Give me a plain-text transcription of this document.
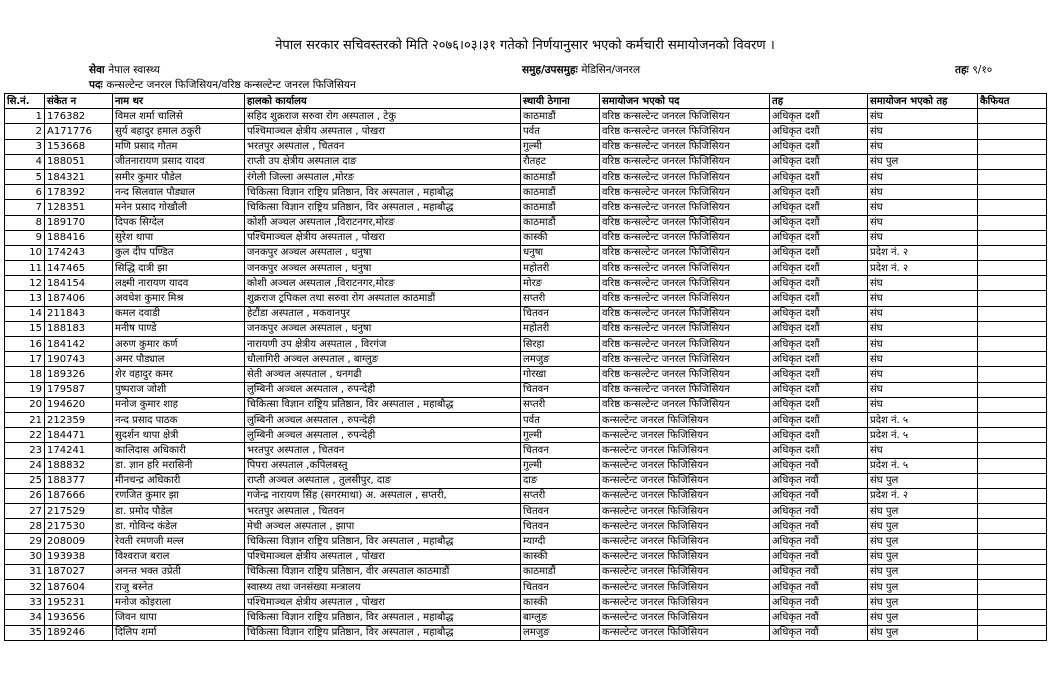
नेपाल सरकार सचिवस्तरको मिति २०७६।०३।३१ गतेको निर्णयानुसार भएको कर्मचारी समायोजनको विवरण ।
सेवा नेपाल स्वास्थ्य	समुह/उपसमुहः मेडिसिन/जनरल	तहः ९/१०
पदः कन्सल्टेन्ट जनरल फिजिसियन/वरिष्ठ कन्सल्टेन्ट जनरल फिजिसियन
सि.नं.	संकेत न	नाम थर	हालको कार्यालय	स्थायी ठेगाना	समायोजन भएको पद	तह	समायोजन भएको तह	कैफियत
1	176382	विमल शर्मा चालिसे	सहिद शुक्रराज सरुवा रोग अस्पताल , टेकु	काठमाडौं	वरिष्ठ कन्सल्टेन्ट जनरल फिजिसियन	अधिकृत दशौं	संघ	
2	A171776	सुर्य बहादुर हमाल ठकुरी	पश्चिमाञ्चल क्षेत्रीय अस्पताल , पोखरा	पर्वत	वरिष्ठ कन्सल्टेन्ट जनरल फिजिसियन	अधिकृत दशौं	संघ	
3	153668	मणि प्रसाद गौतम	भरतपुर अस्पताल , चितवन	गुल्मी	वरिष्ठ कन्सल्टेन्ट जनरल फिजिसियन	अधिकृत दशौं	संघ	
4	188051	जीतनारायण प्रसाद यादव	राप्ती उप क्षेत्रीय अस्पताल दाङ	रौतहट	वरिष्ठ कन्सल्टेन्ट जनरल फिजिसियन	अधिकृत दशौं	संघ पुल	
5	184321	समीर कुमार पौडेल	रंगेली जिल्ला अस्पताल ,मोरङ	काठमाडौं	वरिष्ठ कन्सल्टेन्ट जनरल फिजिसियन	अधिकृत दशौं	संघ	
6	178392	नन्द सिलवाल पौड्याल	चिकित्सा विज्ञान राष्ट्रिय प्रतिष्ठान, विर अस्पताल , महाबौद्ध	काठमाडौं	वरिष्ठ कन्सल्टेन्ट जनरल फिजिसियन	अधिकृत दशौं	संघ	
7	128351	मनेन प्रसाद गोखौली	चिकित्सा विज्ञान राष्ट्रिय प्रतिष्ठान, विर अस्पताल , महाबौद्ध	काठमाडौं	वरिष्ठ कन्सल्टेन्ट जनरल फिजिसियन	अधिकृत दशौं	संघ	
8	189170	दिपक सिग्देल	कोशी अञ्चल अस्पताल ,विराटनगर,मोरङ	काठमाडौं	वरिष्ठ कन्सल्टेन्ट जनरल फिजिसियन	अधिकृत दशौं	संघ	
9	188416	सुरेश थापा	पश्चिमाञ्चल क्षेत्रीय अस्पताल , पोखरा	कास्की	वरिष्ठ कन्सल्टेन्ट जनरल फिजिसियन	अधिकृत दशौं	संघ	
10	174243	कुल दीप पण्डित	जनकपुर अञ्चल अस्पताल , धनुषा	धनुषा	वरिष्ठ कन्सल्टेन्ट जनरल फिजिसियन	अधिकृत दशौं	प्रदेश नं. २	
11	147465	सिद्धि दात्री झा	जनकपुर अञ्चल अस्पताल , धनुषा	महोतरी	वरिष्ठ कन्सल्टेन्ट जनरल फिजिसियन	अधिकृत दशौं	प्रदेश नं. २	
12	184154	लक्ष्मी नारायण यादव	कोशी अञ्चल अस्पताल ,विराटनगर,मोरङ	मोरङ	वरिष्ठ कन्सल्टेन्ट जनरल फिजिसियन	अधिकृत दशौं	संघ	
13	187406	अवधेश कुमार मिश्र	शुक्रराज ट्रपिकल तथा सरुवा रोग अस्पताल काठमाडौं	सप्तरी	वरिष्ठ कन्सल्टेन्ट जनरल फिजिसियन	अधिकृत दशौं	संघ	
14	211843	कमल दवाडी	हेटौंडा अस्पताल , मकवानपुर	चितवन	वरिष्ठ कन्सल्टेन्ट जनरल फिजिसियन	अधिकृत दशौं	संघ	
15	188183	मनीष पाण्डे	जनकपुर अञ्चल अस्पताल , धनुषा	महोतरी	वरिष्ठ कन्सल्टेन्ट जनरल फिजिसियन	अधिकृत दशौं	संघ	
16	184142	अरुण कुमार कर्ण	नारायणी उप क्षेत्रीय अस्पताल , विरगंज	सिरहा	वरिष्ठ कन्सल्टेन्ट जनरल फिजिसियन	अधिकृत दशौं	संघ	
17	190743	अमर पौड्याल	धौलागिरी अञ्चल अस्पताल , बाग्लुङ	लमजुङ	वरिष्ठ कन्सल्टेन्ट जनरल फिजिसियन	अधिकृत दशौं	संघ	
18	189326	शेर वहादुर कमर	सेती अञ्चल अस्पताल , धनगढी	गोरखा	वरिष्ठ कन्सल्टेन्ट जनरल फिजिसियन	अधिकृत दशौं	संघ	
19	179587	पुष्पराज जोशी	लुम्बिनी अञ्चल अस्पताल , रुपन्देही	चितवन	वरिष्ठ कन्सल्टेन्ट जनरल फिजिसियन	अधिकृत दशौं	संघ	
20	194620	मनोज कुमार शाह	चिकित्सा विज्ञान राष्ट्रिय प्रतिष्ठान, विर अस्पताल , महाबौद्ध	सप्तरी	वरिष्ठ कन्सल्टेन्ट जनरल फिजिसियन	अधिकृत दशौं	संघ	
21	212359	नन्द प्रसाद पाठक	लुम्बिनी अञ्चल अस्पताल , रुपन्देही	पर्वत	कन्सल्टेन्ट जनरल फिजिसियन	अधिकृत दशौं	प्रदेश नं. ५	
22	184471	सुदर्शन थापा क्षेत्री	लुम्बिनी अञ्चल अस्पताल , रुपन्देही	गुल्मी	कन्सल्टेन्ट जनरल फिजिसियन	अधिकृत दशौं	प्रदेश नं. ५	
23	174241	कालिदास अधिकारी	भरतपुर अस्पताल , चितवन	चितवन	कन्सल्टेन्ट जनरल फिजिसियन	अधिकृत दशौं	संघ	
24	188832	डा. ज्ञान हरि मरासिनी	पिपरा अस्पताल ,कपिलबस्तु	गुल्मी	कन्सल्टेन्ट जनरल फिजिसियन	अधिकृत नवौं	प्रदेश नं. ५	
25	188377	मीनचन्द्र अधिकारी	राप्ती अञ्चल अस्पताल , तुलसीपुर, दाङ	दाङ	कन्सल्टेन्ट जनरल फिजिसियन	अधिकृत नवौं	संघ पुल	
26	187666	रणजित कुमार झा	गजेन्द्र नारायण सिंह (सगरमाथा) अ. अस्पताल , सप्तरी,	सप्तरी	कन्सल्टेन्ट जनरल फिजिसियन	अधिकृत नवौं	प्रदेश नं. २	
27	217529	डा. प्रमोद पौडेल	भरतपुर अस्पताल , चितवन	चितवन	कन्सल्टेन्ट जनरल फिजिसियन	अधिकृत नवौं	संघ पुल	
28	217530	डा. गोविन्द कंडेल	मेची अञ्चल अस्पताल , झापा	चितवन	कन्सल्टेन्ट जनरल फिजिसियन	अधिकृत नवौं	संघ पुल	
29	208009	रेवती रमणजी मल्ल	चिकित्सा विज्ञान राष्ट्रिय प्रतिष्ठान, विर अस्पताल , महाबौद्ध	म्याग्दी	कन्सल्टेन्ट जनरल फिजिसियन	अधिकृत नवौं	संघ पुल	
30	193938	विश्वराज बराल	पश्चिमाञ्चल क्षेत्रीय अस्पताल , पोखरा	कास्की	कन्सल्टेन्ट जनरल फिजिसियन	अधिकृत नवौं	संघ पुल	
31	187027	अनन्त भक्त उप्रेती	चिकित्सा विज्ञान राष्ट्रिय प्रतिष्ठान, वीर अस्पताल काठमाडौं	काठमाडौं	कन्सल्टेन्ट जनरल फिजिसियन	अधिकृत नवौं	संघ पुल	
32	187604	राजु बस्नेत	स्वास्थ्य तथा जनसंख्या मन्त्रालय	चितवन	कन्सल्टेन्ट जनरल फिजिसियन	अधिकृत नवौं	संघ पुल	
33	195231	मनोज कोइराला	पश्चिमाञ्चल क्षेत्रीय अस्पताल , पोखरा	कास्की	कन्सल्टेन्ट जनरल फिजिसियन	अधिकृत नवौं	संघ पुल	
34	193656	जिवन थापा	चिकित्सा विज्ञान राष्ट्रिय प्रतिष्ठान, विर अस्पताल , महाबौद्ध	बाग्लुङ	कन्सल्टेन्ट जनरल फिजिसियन	अधिकृत नवौं	संघ पुल	
35	189246	दिलिप शर्मा	चिकित्सा विज्ञान राष्ट्रिय प्रतिष्ठान, विर अस्पताल , महाबौद्ध	लमजुङ	कन्सल्टेन्ट जनरल फिजिसियन	अधिकृत नवौं	संघ पुल	
